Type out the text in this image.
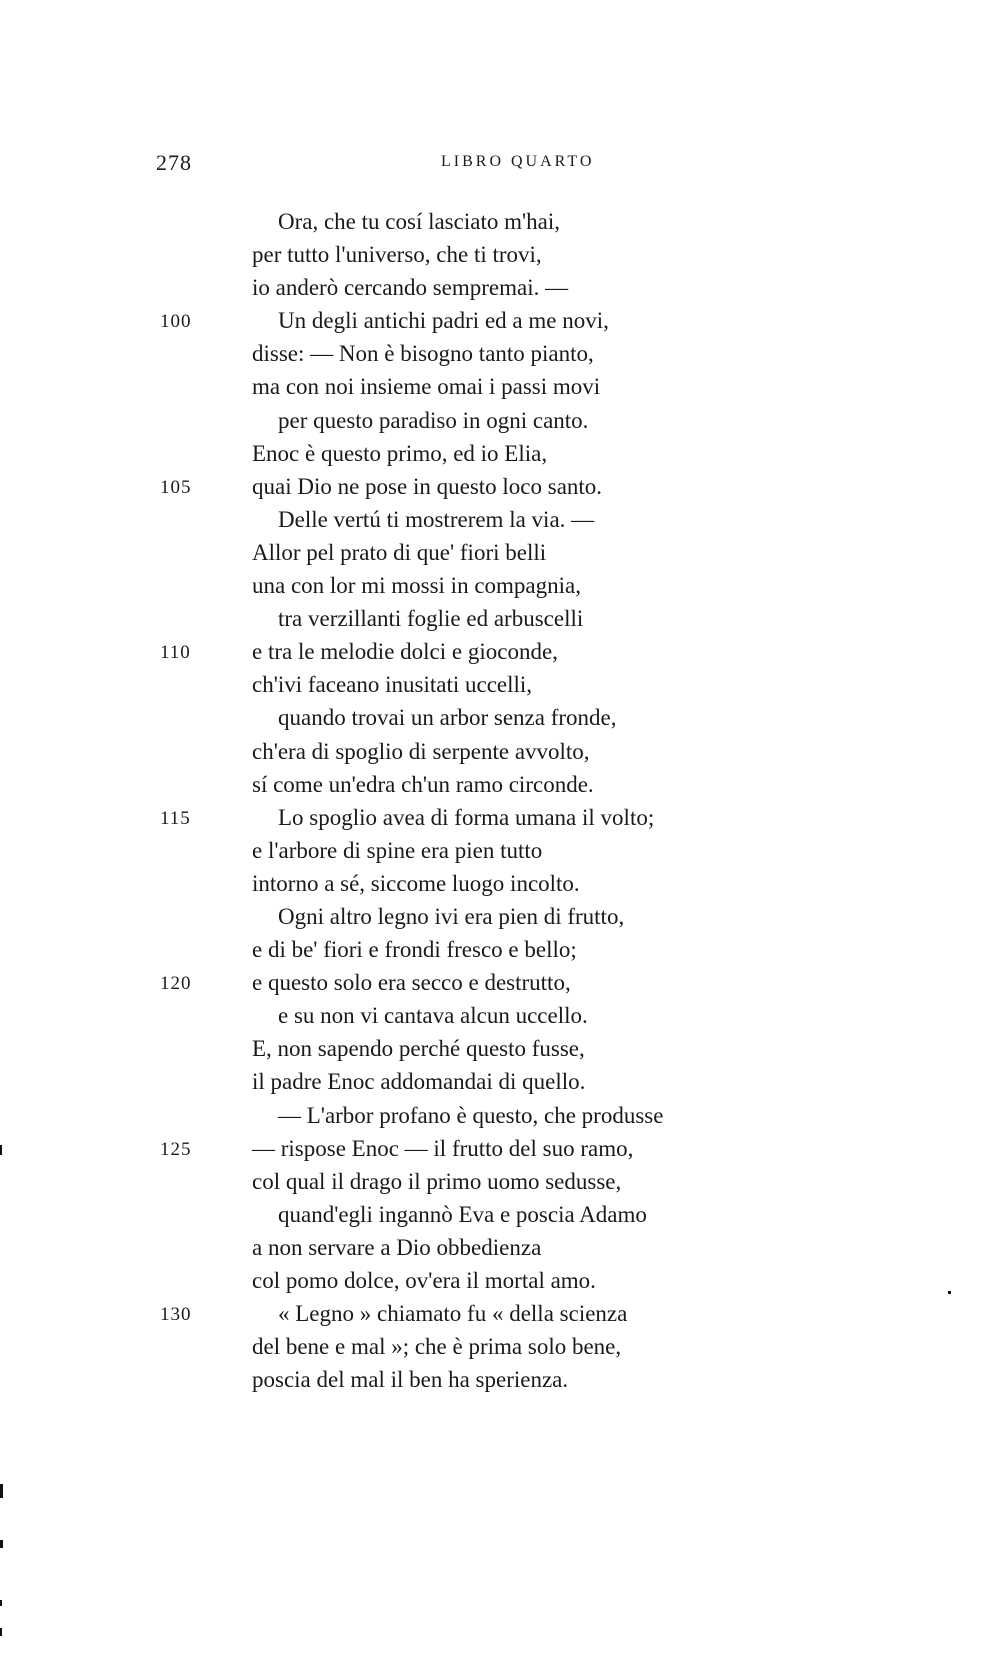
278	LIBRO QUARTO
Ora, che tu cosí lasciato m'hai,
per tutto l'universo, che ti trovi,
io anderò cercando sempremai. —
100	Un degli antichi padri ed a me novi,
disse: — Non è bisogno tanto pianto,
ma con noi insieme omai i passi movi
per questo paradiso in ogni canto.
Enoc è questo primo, ed io Elia,
105	quai Dio ne pose in questo loco santo.
Delle vertú ti mostrerem la via. —
Allor pel prato di que' fiori belli
una con lor mi mossi in compagnia,
tra verzillanti foglie ed arbuscelli
110	e tra le melodie dolci e gioconde,
ch'ivi faceano inusitati uccelli,
quando trovai un arbor senza fronde,
ch'era di spoglio di serpente avvolto,
sí come un'edra ch'un ramo circonde.
115	Lo spoglio avea di forma umana il volto;
e l'arbore di spine era pien tutto
intorno a sé, siccome luogo incolto.
Ogni altro legno ivi era pien di frutto,
e di be' fiori e frondi fresco e bello;
120	e questo solo era secco e destrutto,
e su non vi cantava alcun uccello.
E, non sapendo perché questo fusse,
il padre Enoc addomandai di quello.
— L'arbor profano è questo, che produsse
125	— rispose Enoc — il frutto del suo ramo,
col qual il drago il primo uomo sedusse,
quand'egli ingannò Eva e poscia Adamo
a non servare a Dio obbedienza
col pomo dolce, ov'era il mortal amo.
130	« Legno » chiamato fu « della scienza
del bene e mal »; che è prima solo bene,
poscia del mal il ben ha sperienza.
